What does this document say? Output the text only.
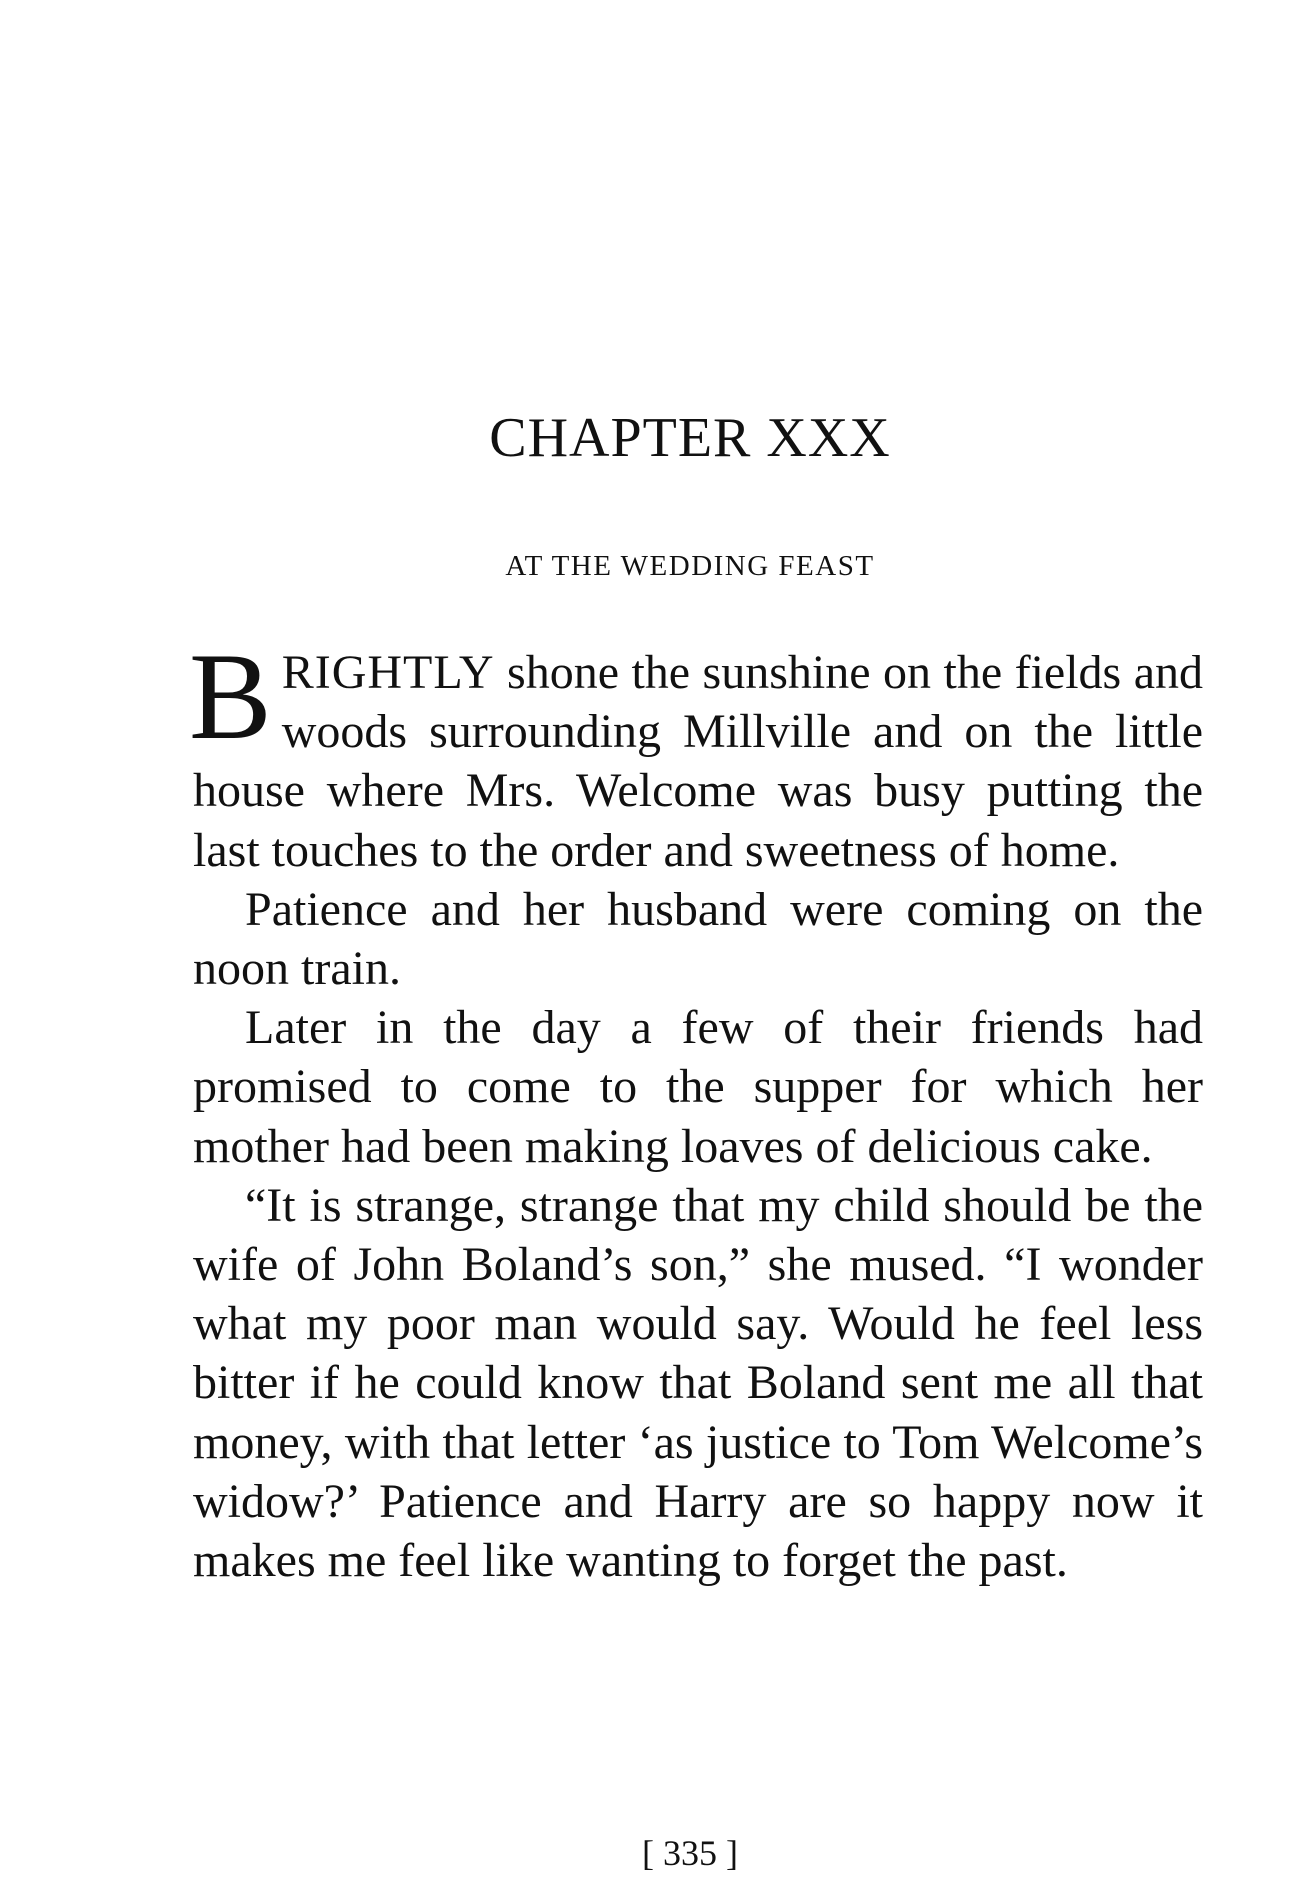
CHAPTER XXX
AT THE WEDDING FEAST

BRIGHTLY shone the sunshine on the fields and woods surrounding Millville and on the little house where Mrs. Welcome was busy putting the last touches to the order and sweetness of home.

Patience and her husband were coming on the noon train.

Later in the day a few of their friends had promised to come to the supper for which her mother had been making loaves of delicious cake.

“It is strange, strange that my child should be the wife of John Boland’s son,” she mused. “I wonder what my poor man would say. Would he feel less bitter if he could know that Boland sent me all that money, with that letter ‘as justice to Tom Welcome’s widow?’ Patience and Harry are so happy now it makes me feel like wanting to forget the past.

[ 335 ]
